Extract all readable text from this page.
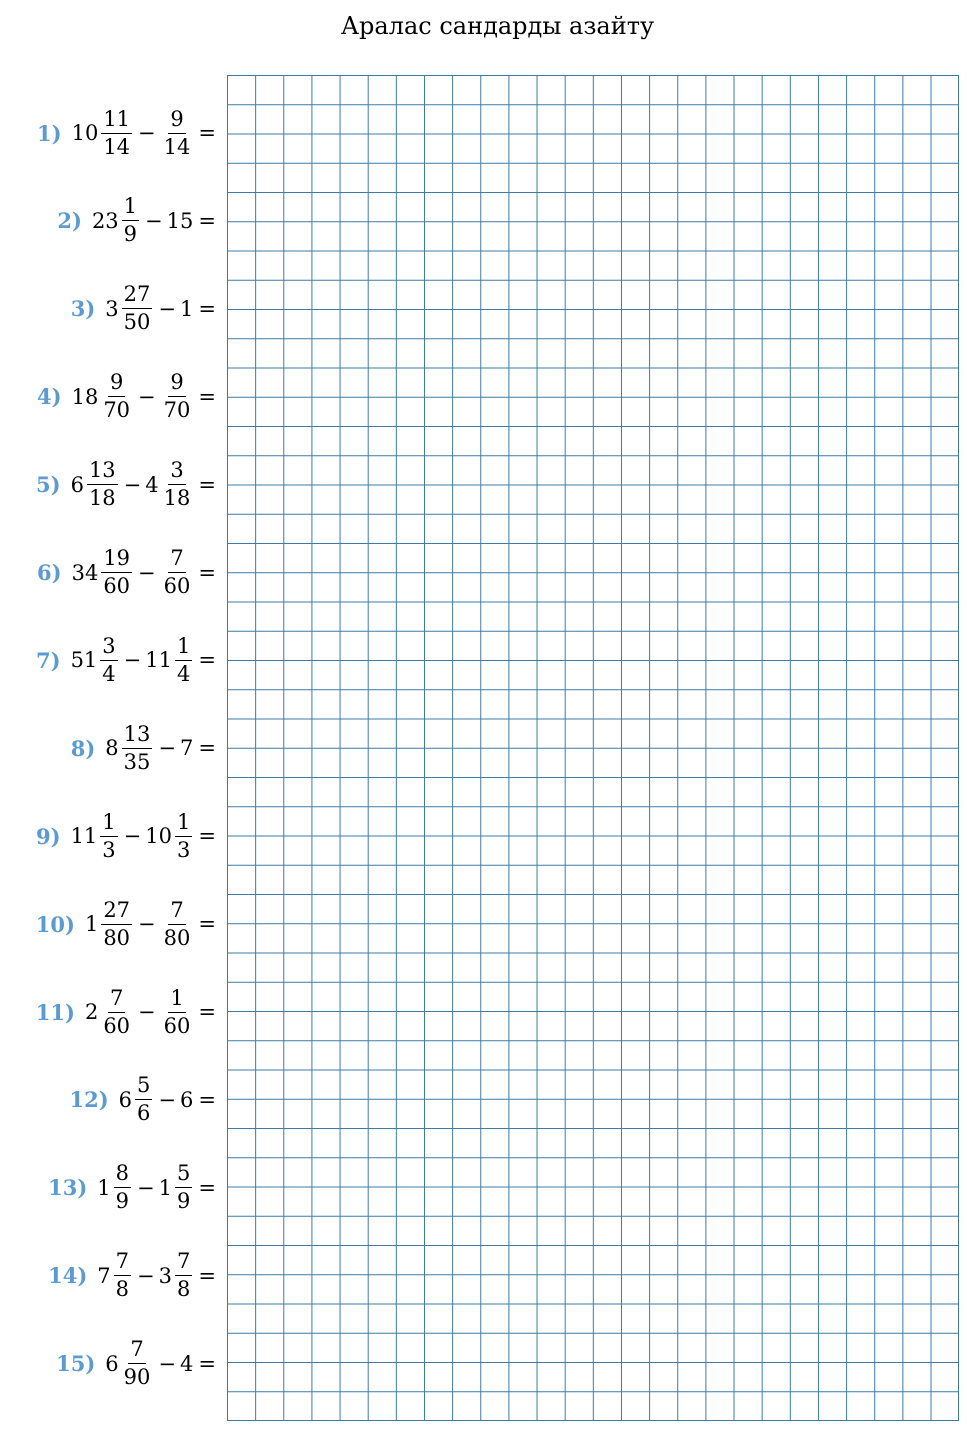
Аралас сандарды азайту
1) $10 \frac{11}{14} - \frac{9}{14}$ =
2) $23 \frac{1}{9} - 15$ =
3) $3 \frac{27}{50} - 1$ =
4) $18 \frac{9}{70} - \frac{9}{70}$ =
5) $6 \frac{13}{18} - 4 \frac{3}{18}$ =
6) $34 \frac{19}{60} - \frac{7}{60}$ =
7) $51 \frac{3}{4} - 11 \frac{1}{4}$ =
8) $8 \frac{13}{35} - 7$ =
9) $11 \frac{1}{3} - 10 \frac{1}{3}$ =
10) $1 \frac{27}{80} - \frac{7}{80}$ =
11) $2 \frac{7}{60} - \frac{1}{60}$ =
12) $6 \frac{5}{6} - 6$ =
13) $1 \frac{8}{9} - 1 \frac{5}{9}$ =
14) $7 \frac{7}{8} - 3 \frac{7}{8}$ =
15) $6 \frac{7}{90} - 4$ =
